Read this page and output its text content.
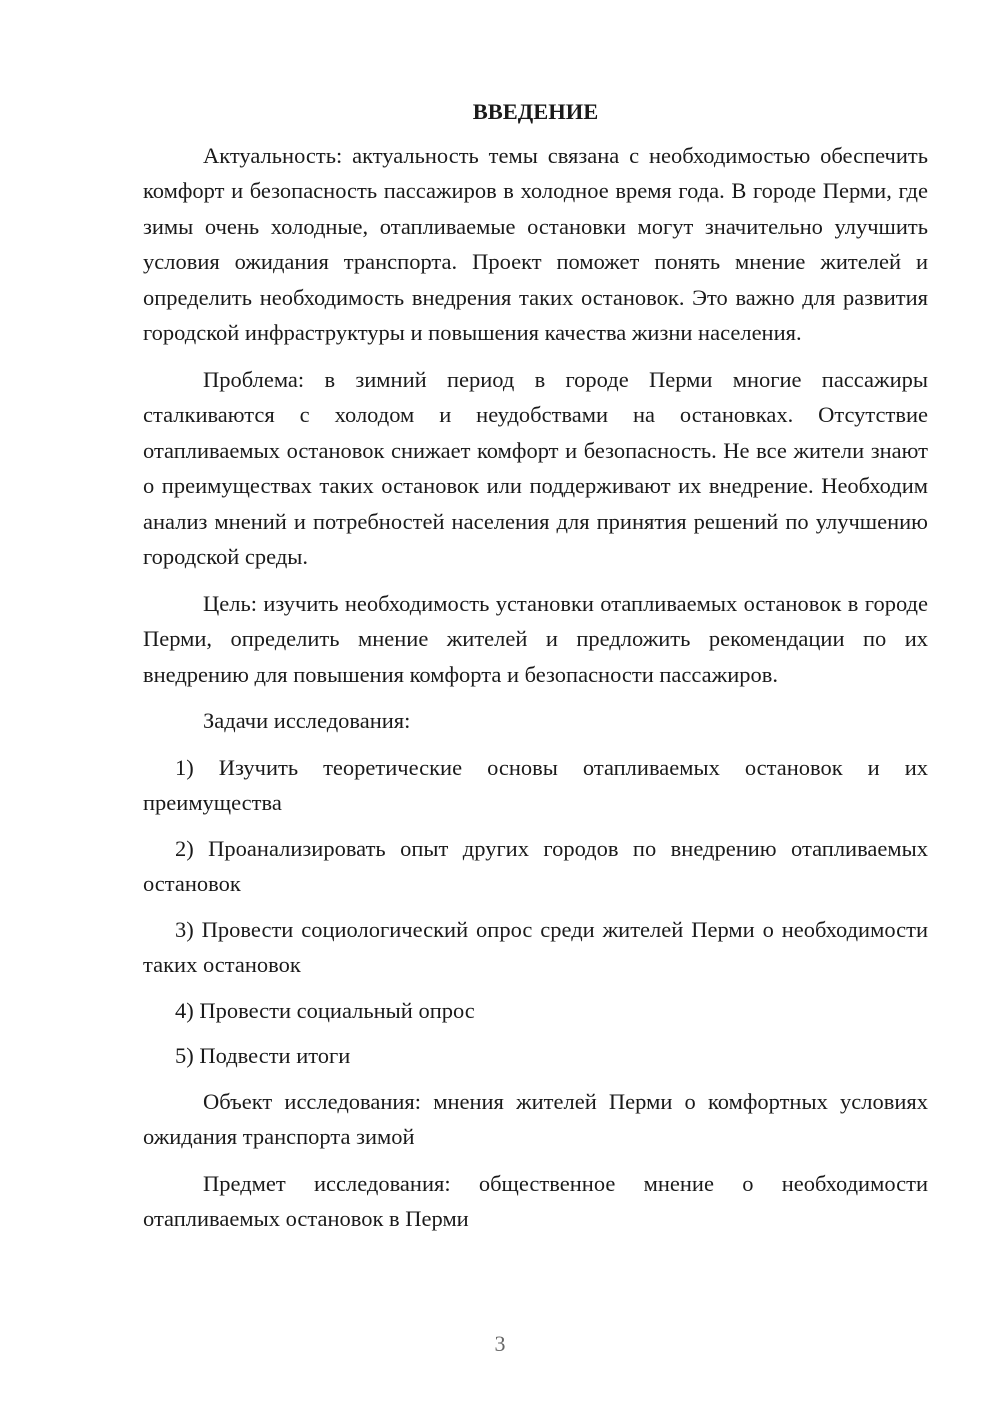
ВВЕДЕНИЕ

Актуальность: актуальность темы связана с необходимостью обеспечить комфорт и безопасность пассажиров в холодное время года. В городе Перми, где зимы очень холодные, отапливаемые остановки могут значительно улучшить условия ожидания транспорта. Проект поможет понять мнение жителей и определить необходимость внедрения таких остановок. Это важно для развития городской инфраструктуры и повышения качества жизни населения.

Проблема: в зимний период в городе Перми многие пассажиры сталкиваются с холодом и неудобствами на остановках. Отсутствие отапливаемых остановок снижает комфорт и безопасность. Не все жители знают о преимуществах таких остановок или поддерживают их внедрение. Необходим анализ мнений и потребностей населения для принятия решений по улучшению городской среды.

Цель: изучить необходимость установки отапливаемых остановок в городе Перми, определить мнение жителей и предложить рекомендации по их внедрению для повышения комфорта и безопасности пассажиров.

Задачи исследования:

1) Изучить теоретические основы отапливаемых остановок и их преимущества

2) Проанализировать опыт других городов по внедрению отапливаемых остановок

3) Провести социологический опрос среди жителей Перми о необходимости таких остановок

4) Провести социальный опрос

5) Подвести итоги

Объект исследования: мнения жителей Перми о комфортных условиях ожидания транспорта зимой

Предмет исследования: общественное мнение о необходимости отапливаемых остановок в Перми

3
